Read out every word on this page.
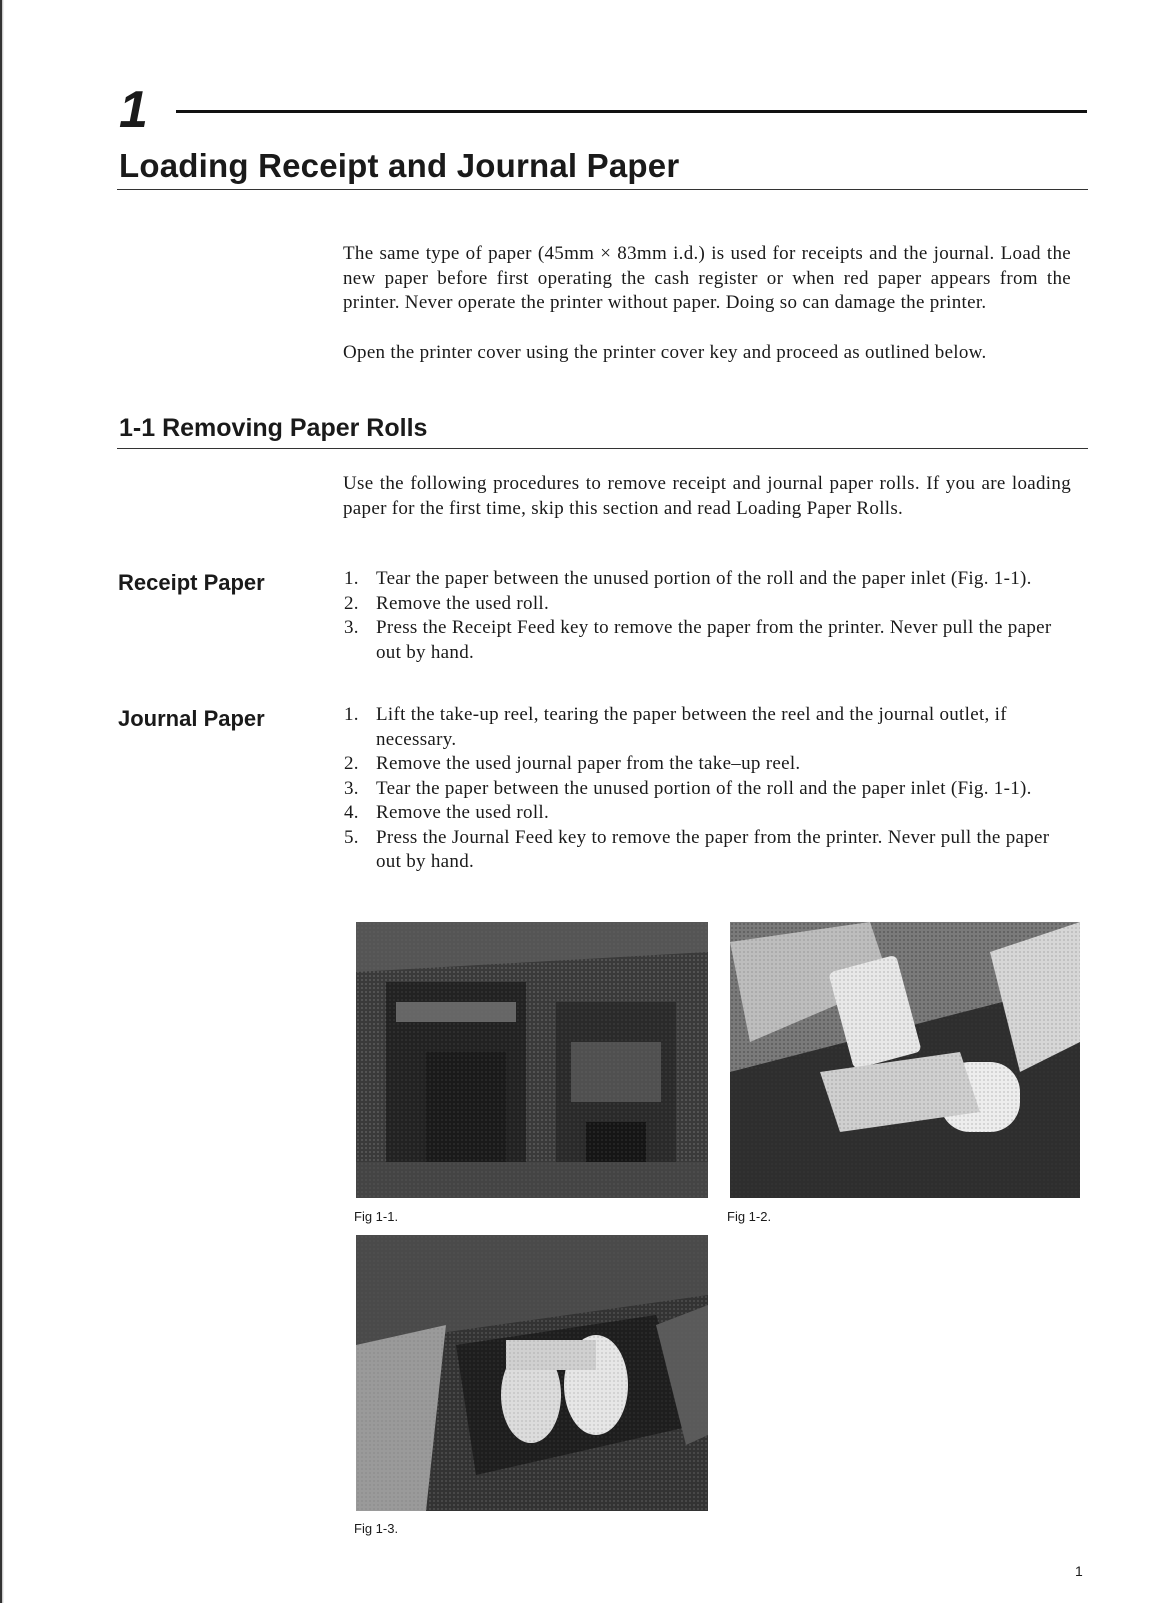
1
Loading Receipt and Journal Paper

The same type of paper (45mm × 83mm i.d.) is used for receipts and the journal. Load the new paper before first operating the cash register or when red paper appears from the printer. Never operate the printer without paper. Doing so can damage the printer.

Open the printer cover using the printer cover key and proceed as outlined below.

1-1 Removing Paper Rolls

Use the following procedures to remove receipt and journal paper rolls. If you are loading paper for the first time, skip this section and read Loading Paper Rolls.

Receipt Paper	1. Tear the paper between the unused portion of the roll and the paper inlet (Fig. 1-1).
2. Remove the used roll.
3. Press the Receipt Feed key to remove the paper from the printer. Never pull the paper out by hand.
Journal Paper	1. Lift the take-up reel, tearing the paper between the reel and the journal outlet, if necessary.
2. Remove the used journal paper from the take–up reel.
3. Tear the paper between the unused portion of the roll and the paper inlet (Fig. 1-1).
4. Remove the used roll.
5. Press the Journal Feed key to remove the paper from the printer. Never pull the paper out by hand.
Fig 1-1.	Fig 1-2.
Fig 1-3.
1
